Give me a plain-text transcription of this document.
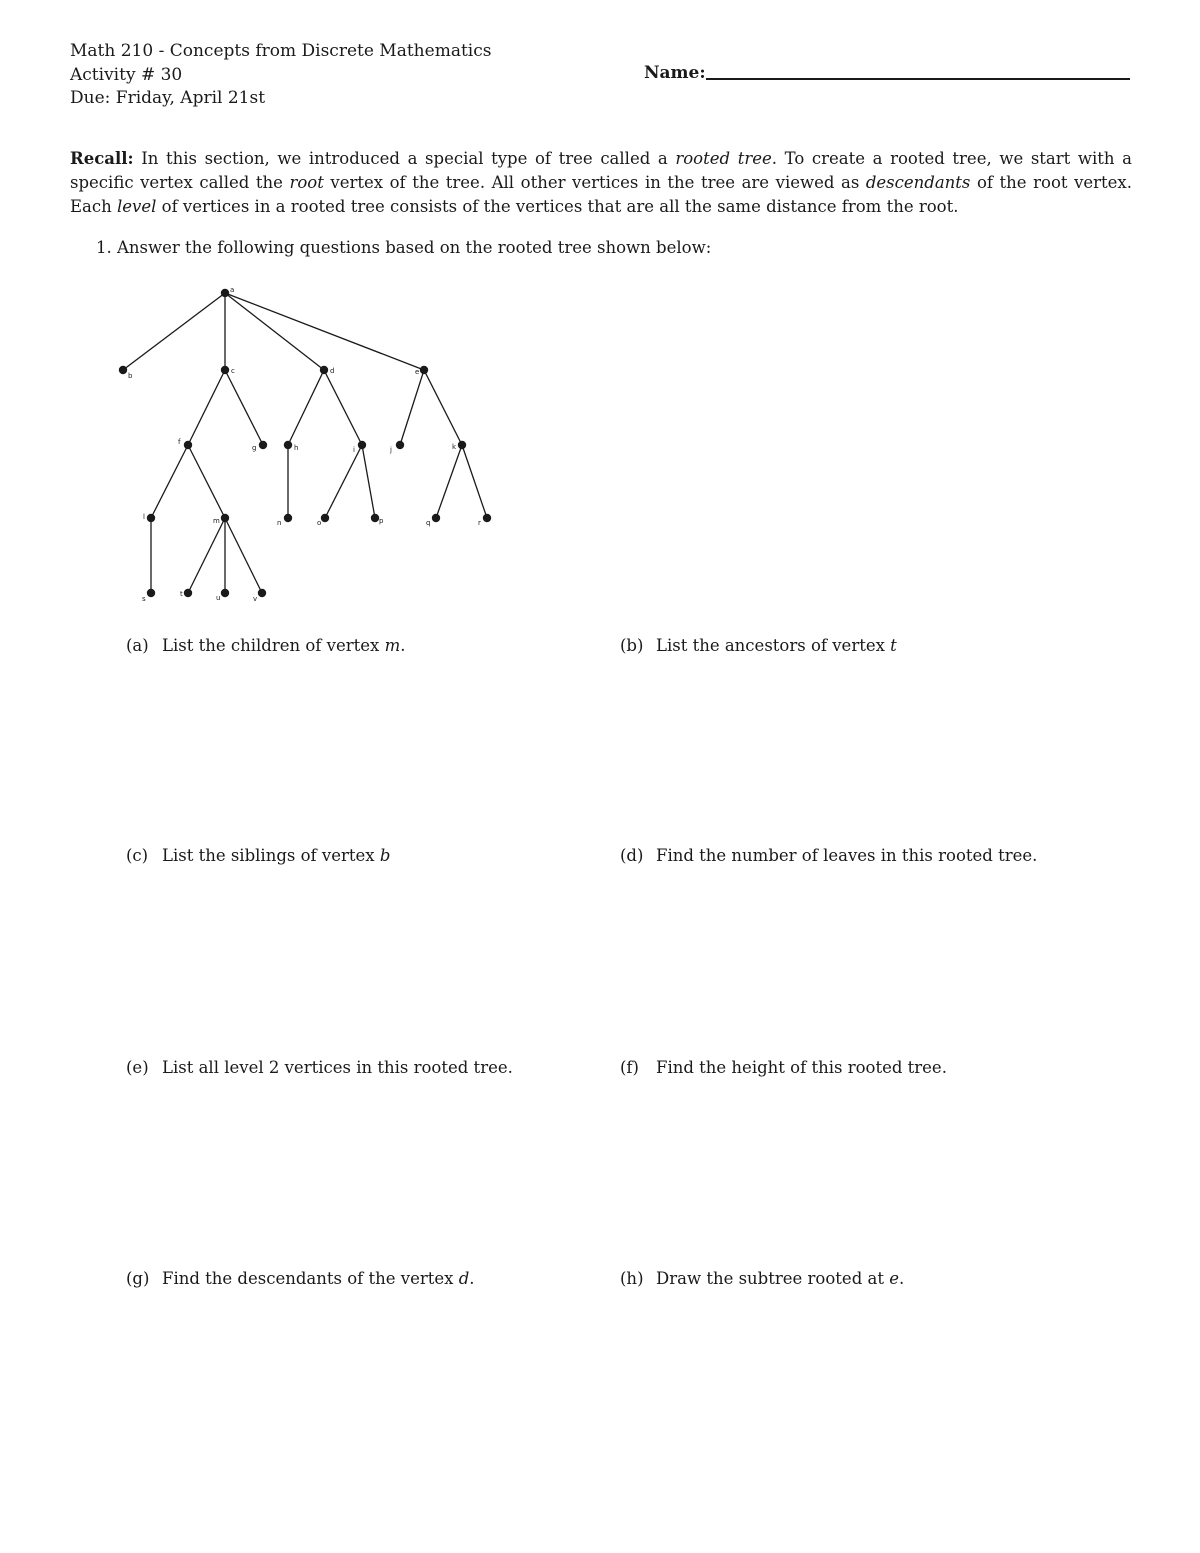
Math 210 - Concepts from Discrete Mathematics
Activity # 30
Due: Friday, April 21st
Name:
Recall: In this section, we introduced a special type of tree called a rooted tree. To create a rooted tree, we start with a specific vertex called the root vertex of the tree. All other vertices in the tree are viewed as descendants of the root vertex. Each level of vertices in a rooted tree consists of the vertices that are all the same distance from the root.
1. Answer the following questions based on the rooted tree shown below:
a
b
c	d	e
f
g	h	i	j	k
l	m	n	o	p	q	r
s
t	u	v
(a) List the children of vertex m.	(b) List the ancestors of vertex t
(c) List the siblings of vertex b	(d) Find the number of leaves in this rooted tree.
(e) List all level 2 vertices in this rooted tree.	(f) Find the height of this rooted tree.
(g) Find the descendants of the vertex d.	(h) Draw the subtree rooted at e.
